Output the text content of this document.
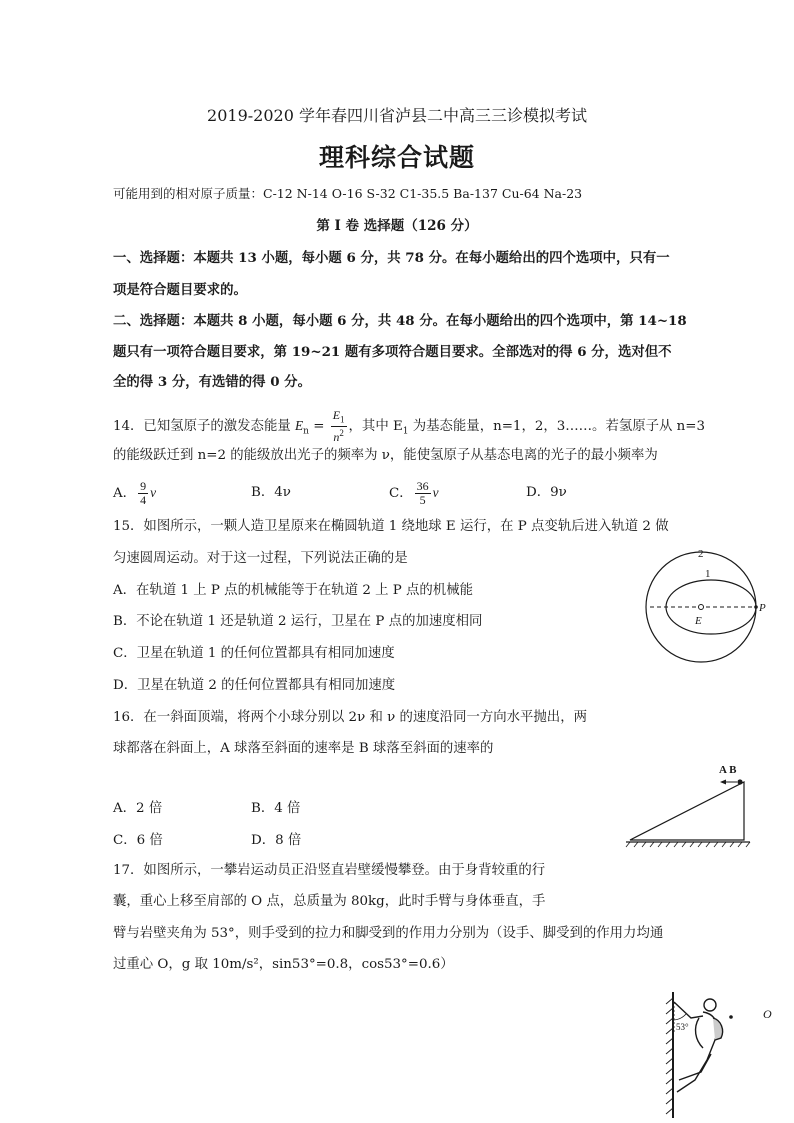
2019-2020 学年春四川省泸县二中高三三诊模拟考试
理科综合试题
可能用到的相对原子质量：C-12 N-14 O-16 S-32 C1-35.5 Ba-137 Cu-64 Na-23
第 I 卷 选择题（126 分）
一、选择题：本题共 13 小题，每小题 6 分，共 78 分。在每小题给出的四个选项中，只有一
项是符合题目要求的。
二、选择题：本题共 8 小题，每小题 6 分，共 48 分。在每小题给出的四个选项中，第 14~18
题只有一项符合题目要求，第 19~21 题有多项符合题目要求。全部选对的得 6 分，选对但不
全的得 3 分，有选错的得 0 分。
14．已知氢原子的激发态能量 $E_n = \frac{E_1}{n^2}$ ，其中 $E_1$ 为基态能量，n=1，2，3……。若氢原子从 n=3
的能级跃迁到 n=2 的能级放出光子的频率为 ν，能使氢原子从基态电离的光子的最小频率为
A． $\frac{9}{4}$ ν	B．4ν	C． $\frac{36}{5}$ ν	D．9ν
15．如图所示，一颗人造卫星原来在椭圆轨道 1 绕地球 E 运行，在 P 点变轨后进入轨道 2 做
匀速圆周运动。对于这一过程，下列说法正确的是
A．在轨道 1 上 P 点的机械能等于在轨道 2 上 P 点的机械能
B．不论在轨道 1 还是轨道 2 运行，卫星在 P 点的加速度相同
C．卫星在轨道 1 的任何位置都具有相同加速度
D．卫星在轨道 2 的任何位置都具有相同加速度
2
1
E
P
16．在一斜面顶端，将两个小球分别以 2ν 和 ν 的速度沿同一方向水平抛出，两
球都落在斜面上，A 球落至斜面的速率是 B 球落至斜面的速率的
A．2 倍	B．4 倍
C．6 倍	D．8 倍
A B
17．如图所示，一攀岩运动员正沿竖直岩壁缓慢攀登。由于身背较重的行
囊，重心上移至肩部的 O 点，总质量为 80kg，此时手臂与身体垂直，手
臂与岩壁夹角为 53°，则手受到的拉力和脚受到的作用力分别为（设手、脚受到的作用力均通
过重心 O，g 取 10m/s²，sin53°=0.8，cos53°=0.6）
53°
O
